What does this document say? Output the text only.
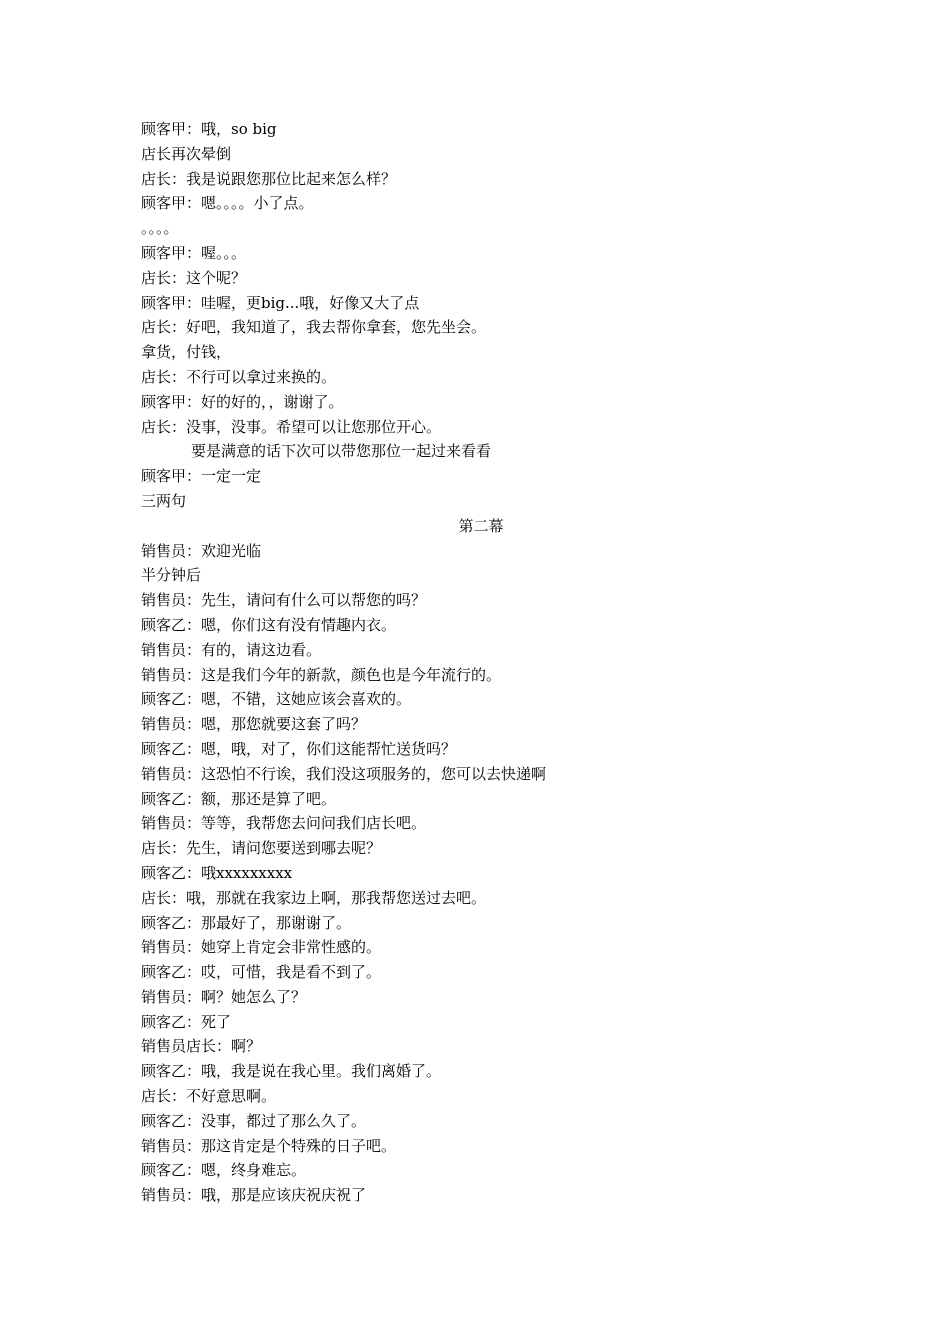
顾客甲：哦，so big
店长再次晕倒
店长：我是说跟您那位比起来怎么样？
顾客甲：嗯。。。。小了点。
。。。。
顾客甲：喔。。。
店长：这个呢？
顾客甲：哇喔，更big...哦，好像又大了点
店长：好吧，我知道了，我去帮你拿套，您先坐会。
拿货，付钱，
店长：不行可以拿过来换的。
顾客甲：好的好的，，谢谢了。
店长：没事，没事。希望可以让您那位开心。
要是满意的话下次可以带您那位一起过来看看
顾客甲：一定一定
三两句
第二幕
销售员：欢迎光临
半分钟后
销售员：先生，请问有什么可以帮您的吗？
顾客乙：嗯，你们这有没有情趣内衣。
销售员：有的，请这边看。
销售员：这是我们今年的新款，颜色也是今年流行的。
顾客乙：嗯，不错，这她应该会喜欢的。
销售员：嗯，那您就要这套了吗？
顾客乙：嗯，哦，对了，你们这能帮忙送货吗？
销售员：这恐怕不行诶，我们没这项服务的，您可以去快递啊
顾客乙：额，那还是算了吧。
销售员：等等，我帮您去问问我们店长吧。
店长：先生，请问您要送到哪去呢？
顾客乙：哦xxxxxxxxx
店长：哦，那就在我家边上啊，那我帮您送过去吧。
顾客乙：那最好了，那谢谢了。
销售员：她穿上肯定会非常性感的。
顾客乙：哎，可惜，我是看不到了。
销售员：啊？她怎么了？
顾客乙：死了
销售员店长：啊？
顾客乙：哦，我是说在我心里。我们离婚了。
店长：不好意思啊。
顾客乙：没事，都过了那么久了。
销售员：那这肯定是个特殊的日子吧。
顾客乙：嗯，终身难忘。
销售员：哦，那是应该庆祝庆祝了
